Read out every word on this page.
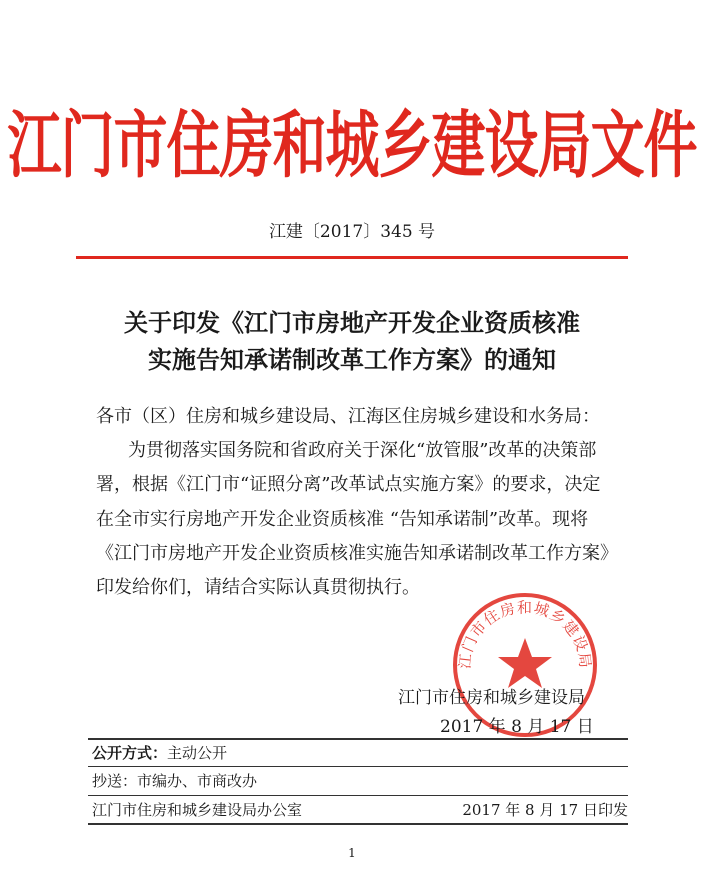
江门市住房和城乡建设局文件
江建〔2017〕345 号
关于印发《江门市房地产开发企业资质核准
实施告知承诺制改革工作方案》的通知
各市（区）住房和城乡建设局、江海区住房城乡建设和水务局：
为贯彻落实国务院和省政府关于深化“放管服”改革的决策部
署，根据《江门市“证照分离”改革试点实施方案》的要求，决定
在全市实行房地产开发企业资质核准 “告知承诺制”改革。现将
《江门市房地产开发企业资质核准实施告知承诺制改革工作方案》
印发给你们，请结合实际认真贯彻执行。
江门市住房和城乡建设局
江门市住房和城乡建设局
2017 年 8 月 17 日
公开方式：主动公开
抄送：市编办、市商改办
江门市住房和城乡建设局办公室	2017 年 8 月 17 日印发
1
